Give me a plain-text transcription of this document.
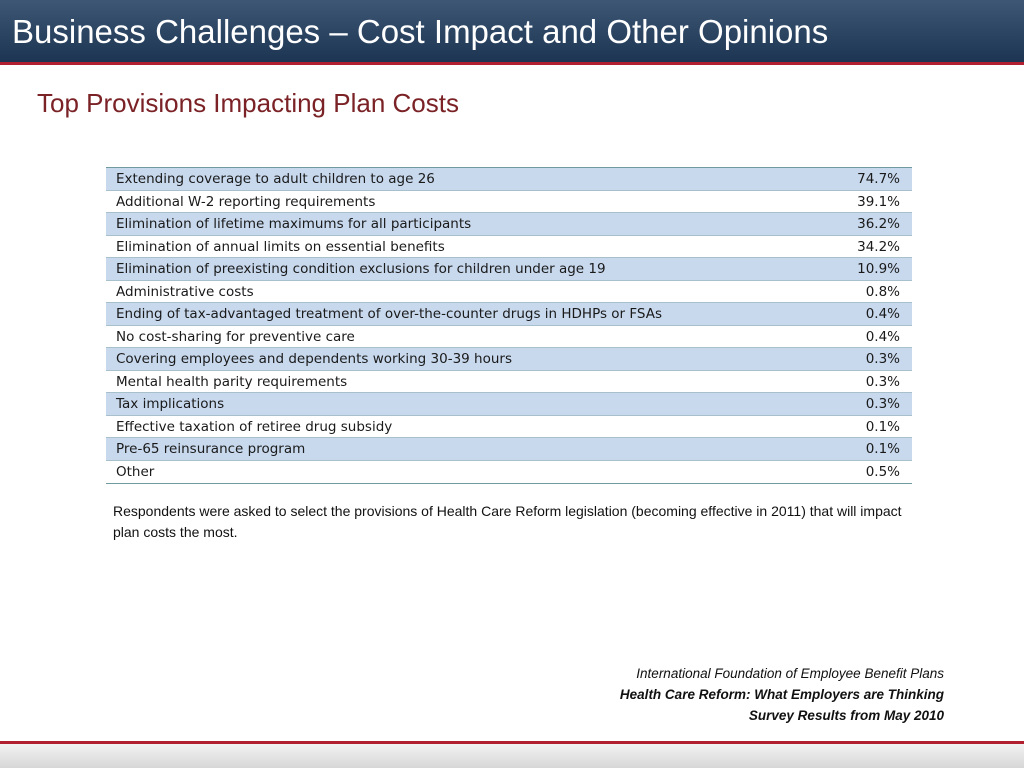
Business Challenges – Cost Impact and Other Opinions
Top Provisions Impacting Plan Costs
Extending coverage to adult children to age 26	74.7%
Additional W-2 reporting requirements	39.1%
Elimination of lifetime maximums for all participants	36.2%
Elimination of annual limits on essential benefits	34.2%
Elimination of preexisting condition exclusions for children under age 19	10.9%
Administrative costs	0.8%
Ending of tax-advantaged treatment of over-the-counter drugs in HDHPs or FSAs	0.4%
No cost-sharing for preventive care	0.4%
Covering employees and dependents working 30-39 hours	0.3%
Mental health parity requirements	0.3%
Tax implications	0.3%
Effective taxation of retiree drug subsidy	0.1%
Pre-65 reinsurance program	0.1%
Other	0.5%
Respondents were asked to select the provisions of Health Care Reform legislation (becoming effective in 2011) that will impact plan costs the most.
International Foundation of Employee Benefit Plans
Health Care Reform: What Employers are Thinking
Survey Results from May 2010
